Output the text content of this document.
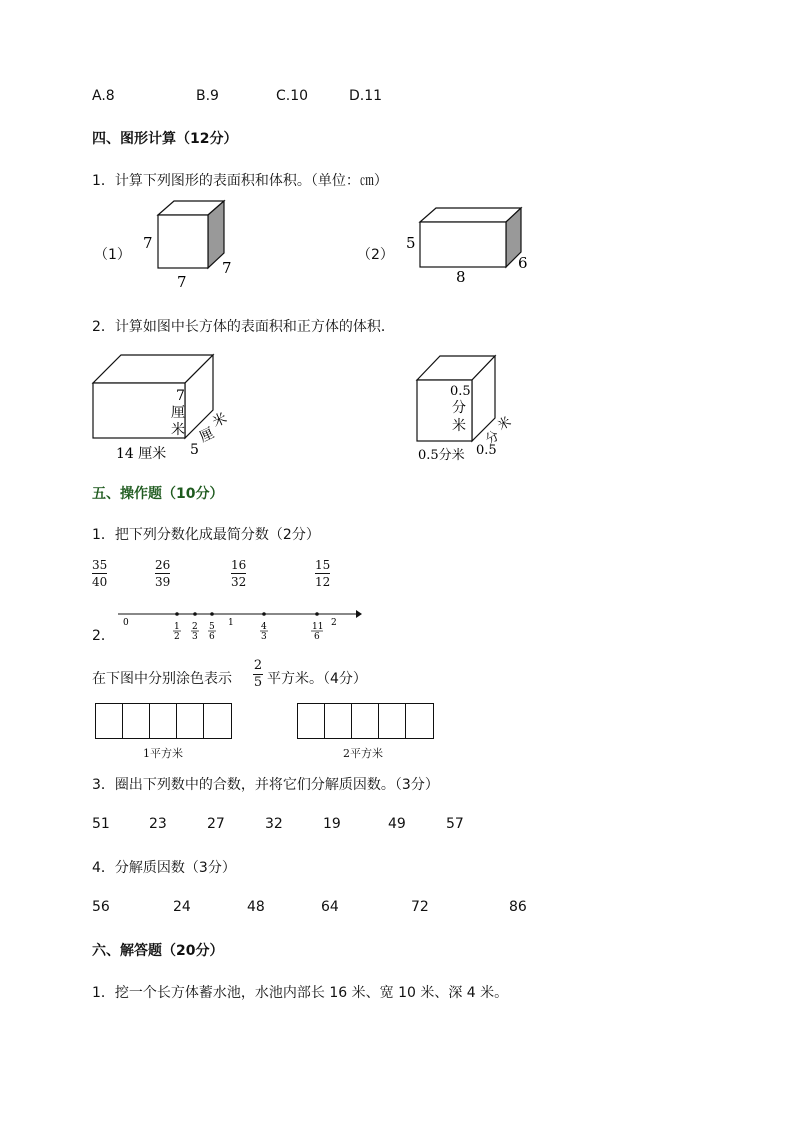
A.8	B.9	C.10	D.11
四、图形计算（12分）
1．计算下列图形的表面积和体积。（单位：㎝）
（1）
7
7
7
（2）
5
8
6
2．计算如图中长方体的表面积和正方体的体积．
7
厘
米
14 厘米 5
厘
米
0.5
分
米
0.5分米 0.5
分
米
五、操作题（10分）
1．把下列分数化成最简分数（2分）
35
40
26
39
16
32
15
12
2．
0	1	2
1
2
2
3
5
6
4
3
11
6
在下图中分别涂色表示
2
5 平方米。（4分）
1平方米	2平方米
3．圈出下列数中的合数，并将它们分解质因数。（3分）
51	23	27	32	19	49	57
4．分解质因数（3分）
56	24	48	64	72	86
六、解答题（20分）
1．挖一个长方体蓄水池，水池内部长 16 米、宽 10 米、深 4 米。
